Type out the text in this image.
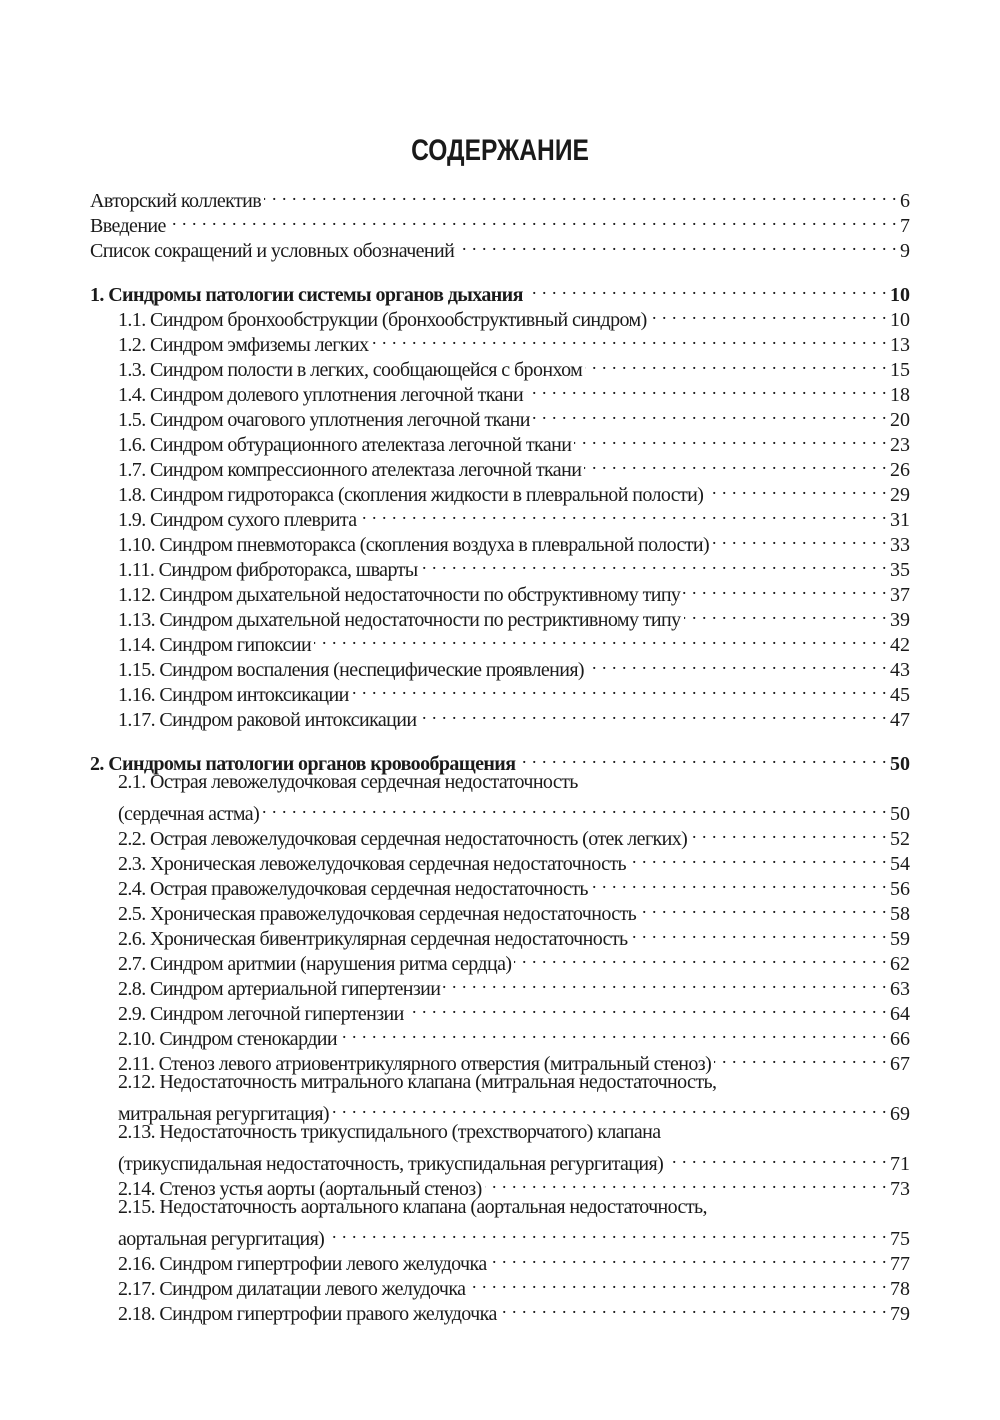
СОДЕРЖАНИЕ
Авторский коллектив . . .	6
Введение . . .	7
Список сокращений и условных обозначений . . .	9
1. Синдромы патологии системы органов дыхания . . .	10
1.1. Синдром бронхообструкции (бронхообструктивный синдром) . . .	10
1.2. Синдром эмфиземы легких . . .	13
1.3. Синдром полости в легких, сообщающейся с бронхом . . .	15
1.4. Синдром долевого уплотнения легочной ткани . . .	18
1.5. Синдром очагового уплотнения легочной ткани . . .	20
1.6. Синдром обтурационного ателектаза легочной ткани . . .	23
1.7. Синдром компрессионного ателектаза легочной ткани . . .	26
1.8. Синдром гидроторакса (скопления жидкости в плевральной полости) . . .	29
1.9. Синдром сухого плеврита . . .	31
1.10. Синдром пневмоторакса (скопления воздуха в плевральной полости) . . .	33
1.11. Синдром фиброторакса, шварты . . .	35
1.12. Синдром дыхательной недостаточности по обструктивному типу . . .	37
1.13. Синдром дыхательной недостаточности по рестриктивному типу . . .	39
1.14. Синдром гипоксии . . .	42
1.15. Синдром воспаления (неспецифические проявления) . . .	43
1.16. Синдром интоксикации . . .	45
1.17. Синдром раковой интоксикации . . .	47
2. Синдромы патологии органов кровообращения . . .	50
2.1. Острая левожелудочковая сердечная недостаточность
(сердечная астма) . . .	50
2.2. Острая левожелудочковая сердечная недостаточность (отек легких) . . .	52
2.3. Хроническая левожелудочковая сердечная недостаточность . . .	54
2.4. Острая правожелудочковая сердечная недостаточность . . .	56
2.5. Хроническая правожелудочковая сердечная недостаточность . . .	58
2.6. Хроническая бивентрикулярная сердечная недостаточность . . .	59
2.7. Синдром аритмии (нарушения ритма сердца) . . .	62
2.8. Синдром артериальной гипертензии . . .	63
2.9. Синдром легочной гипертензии . . .	64
2.10. Синдром стенокардии . . .	66
2.11. Стеноз левого атриовентрикулярного отверстия (митральный стеноз) . . .	67
2.12. Недостаточность митрального клапана (митральная недостаточность,
митральная регургитация) . . .	69
2.13. Недостаточность трикуспидального (трехстворчатого) клапана
(трикуспидальная недостаточность, трикуспидальная регургитация) . . .	71
2.14. Стеноз устья аорты (аортальный стеноз) . . .	73
2.15. Недостаточность аортального клапана (аортальная недостаточность,
аортальная регургитация) . . .	75
2.16. Синдром гипертрофии левого желудочка . . .	77
2.17. Синдром дилатации левого желудочка . . .	78
2.18. Синдром гипертрофии правого желудочка . . .	79
